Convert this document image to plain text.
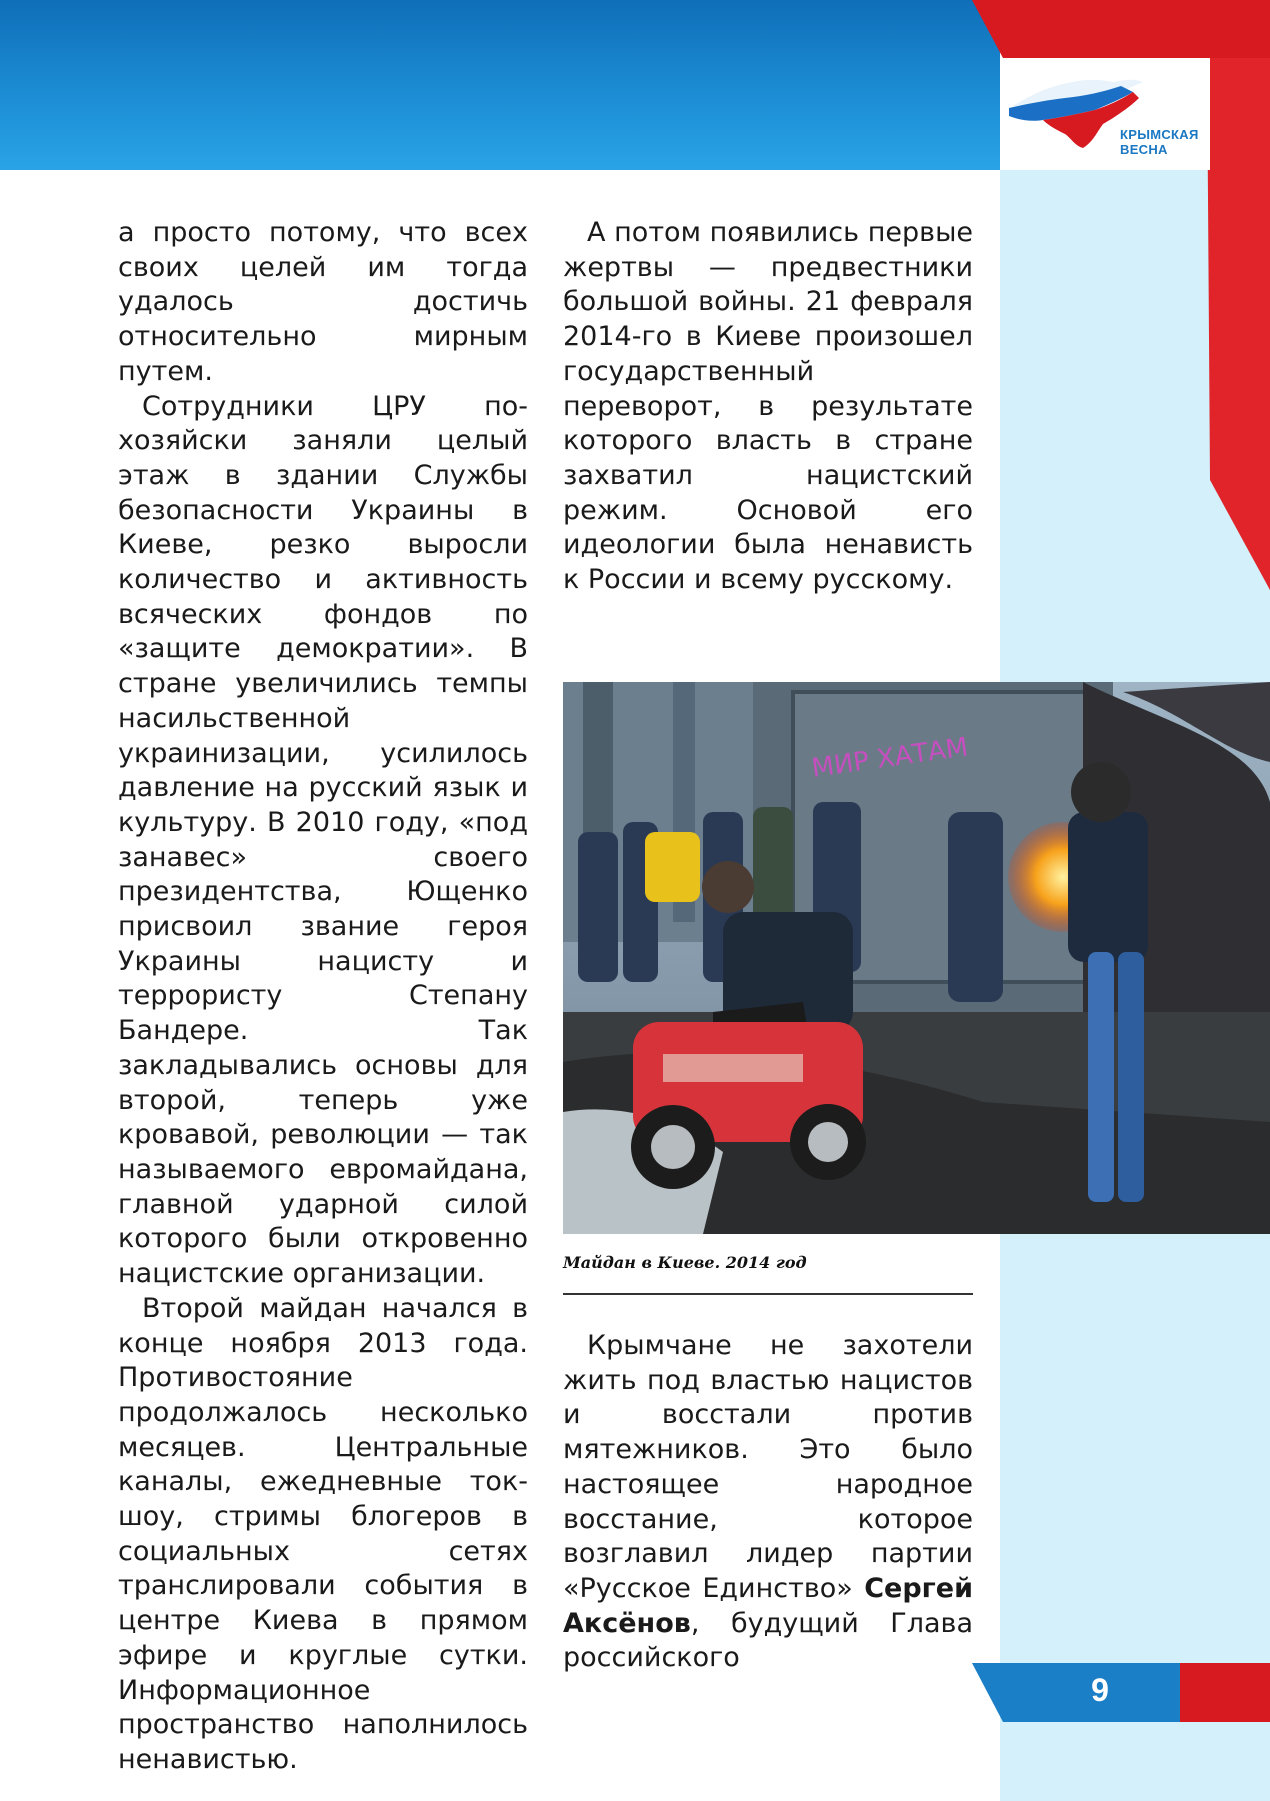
КРЫМСКАЯ
ВЕСНА

а просто потому, что всех своих целей им тогда удалось достичь относительно мирным путем.

Сотрудники ЦРУ по-хозяйски заняли целый этаж в здании Службы безопасности Украины в Киеве, резко выросли количество и активность всяческих фондов по «защите демократии». В стране увеличились темпы насильственной украинизации, усилилось давление на русский язык и культуру. В 2010 году, «под занавес» своего президентства, Ющенко присвоил звание героя Украины нацисту и террористу Степану Бандере. Так закладывались основы для второй, теперь уже кровавой, революции — так называемого евромайдана, главной ударной силой которого были откровенно нацистские организации.

Второй майдан начался в конце ноября 2013 года. Противостояние продолжалось несколько месяцев. Центральные каналы, ежедневные ток-шоу, стримы блогеров в социальных сетях транслировали события в центре Киева в прямом эфире и круглые сутки. Информационное пространство наполнилось ненавистью.

А потом появились первые жертвы — предвестники большой войны. 21 февраля 2014-го в Киеве произошел государственный переворот, в результате которого власть в стране захватил нацистский режим. Основой его идеологии была ненависть к России и всему русскому.

МИР ХАТАМ
Майдан в Киеве. 2014 год

Крымчане не захотели жить под властью нацистов и восстали против мятежников. Это было настоящее народное восстание, которое возглавил лидер партии «Русское Единство» Сергей Аксёнов, будущий Глава российского

9
